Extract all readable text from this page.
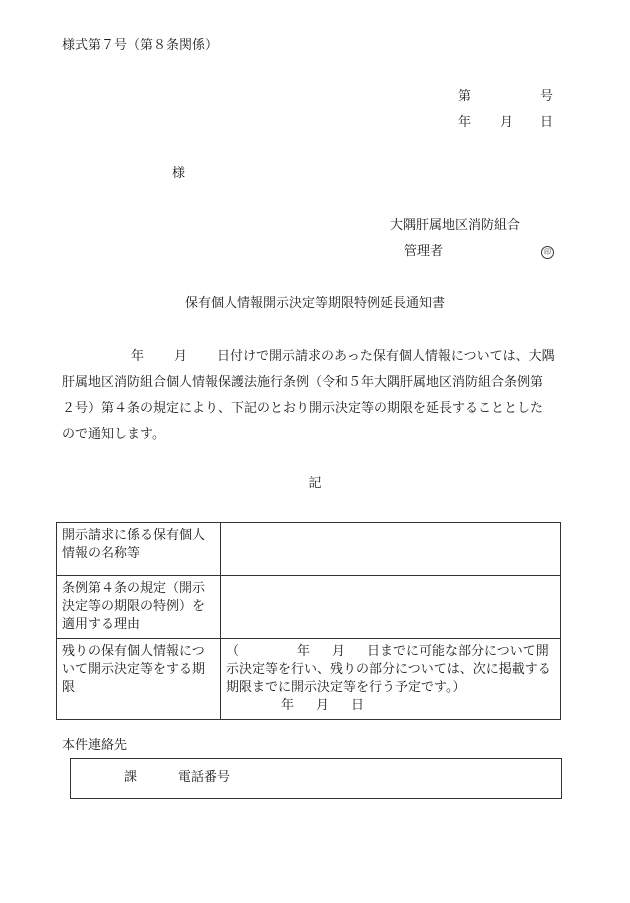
様式第７号（第８条関係）
第	号
年 月 日
様
大隅肝属地区消防組合
管理者	印
保有個人情報開示決定等期限特例延長通知書
年 月 日付けで開示請求のあった保有個人情報については、大隅
肝属地区消防組合個人情報保護法施行条例（令和５年大隅肝属地区消防組合条例第
２号）第４条の規定により、下記のとおり開示決定等の期限を延長することとした
ので通知します。
記
開示請求に係る保有個人情報の名称等	
条例第４条の規定（開示決定等の期限の特例）を適用する理由	
残りの保有個人情報について開示決定等をする期限	（ 年 月 日までに可能な部分について開示決定等を行い、残りの部分については、次に掲載する期限までに開示決定等を行う予定です。）
年 月 日
本件連絡先
課	電話番号
